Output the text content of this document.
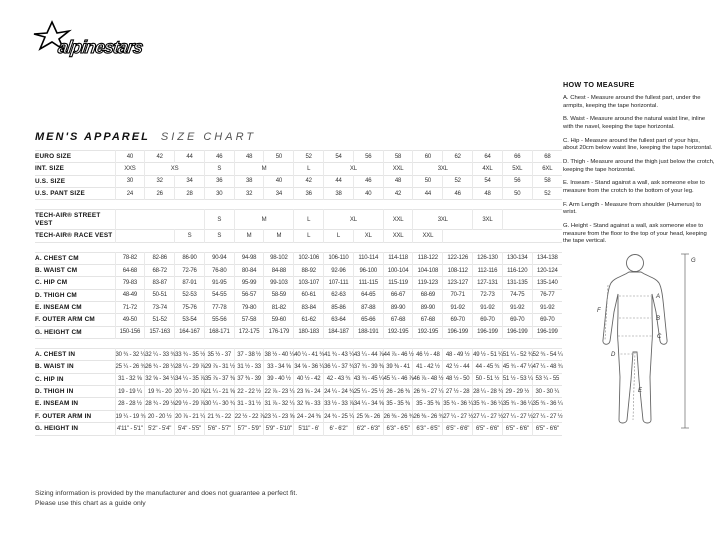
alpinestars
MEN'S APPAREL SIZE CHART
EURO SIZE	40	42	44	46	48	50	52	54	56	58	60	62	64	66	68
INT. SIZE	XXS	XS		S	M		L	XL		XXL	3XL		4XL	5XL	6XL
U.S. SIZE	30	32	34	36	38	40	42	44	46	48	50	52	54	56	58
U.S. PANT SIZE	24	26	28	30	32	34	36	38	40	42	44	46	48	50	52
TECH-AIR® STREET VEST			S	M		L	XL		XXL	3XL		3XL	
TECH-AIR® RACE VEST		S	S	M	M	L	L	XL	XXL	XXL			
A. CHEST CM	78-82	82-86	86-90	90-94	94-98	98-102	102-106	106-110	110-114	114-118	118-122	122-126	126-130	130-134	134-138
B. WAIST CM	64-68	68-72	72-76	76-80	80-84	84-88	88-92	92-96	96-100	100-104	104-108	108-112	112-116	116-120	120-124
C. HIP CM	79-83	83-87	87-91	91-95	95-99	99-103	103-107	107-111	111-115	115-119	119-123	123-127	127-131	131-135	135-140
D. THIGH CM	48-49	50-51	52-53	54-55	56-57	58-59	60-61	62-63	64-65	66-67	68-69	70-71	72-73	74-75	76-77
E. INSEAM CM	71-72	73-74	75-76	77-78	79-80	81-82	83-84	85-86	87-88	89-90	89-90	91-92	91-92	91-92	91-92
F. OUTER ARM CM	49-50	51-52	53-54	55-56	57-58	59-60	61-62	63-64	65-66	67-68	67-68	69-70	69-70	69-70	69-70
G. HEIGHT CM	150-156	157-163	164-167	168-171	172-175	176-179	180-183	184-187	188-191	192-195	192-195	196-199	196-199	196-199	196-199
A. CHEST IN	30 ¾ - 32 ¼	32 ¼ - 33 ¾	33 ¾ - 35 ½	35 ½ - 37	37 - 38 ½	38 ½ - 40 ¼	40 ¼ - 41 ¾	41 ¾ - 43 ¼	43 ¼ - 44 ⅞	44 ⅞ - 46 ½	46 ½ - 48	48 - 49 ½	49 ½ - 51 ¼	51 ¼ - 52 ¾	52 ¾ - 54 ¼
B. WAIST IN	25 ¼ - 26 ¾	26 ¾ - 28 ¼	28 ¼ - 29 ⅞	29 ⅞ - 31 ½	31 ½ - 33	33 - 34 ⅝	34 ⅝ - 36 ¼	36 ¼ - 37 ¾	37 ¾ - 39 ⅜	39 ⅜ - 41	41 - 42 ½	42 ½ - 44	44 - 45 ¾	45 ¾ - 47 ¼	47 ¼ - 48 ¾
C. HIP IN	31 - 32 ⅝	32 ⅝ - 34 ¼	34 ¼ - 35 ⅞	35 ⅞ - 37 ⅜	37 ⅜ - 39	39 - 40 ½	40 ½ - 42	42 - 43 ¾	43 ¾ - 45 ¼	45 ¼ - 46 ⅞	46 ⅞ - 48 ½	48 ½ - 50	50 - 51 ½	51 ½ - 53 ¼	53 ¼ - 55
D. THIGH IN	19 - 19 ¼	19 ¾ - 20	20 ½ - 20 ⅞	21 ¼ - 21 ⅝	22 - 22 ½	22 ⅞ - 23 ¼	23 ⅝ - 24	24 ¼ - 24 ¾	25 ¼ - 25 ½	26 - 26 ⅜	26 ¾ - 27 ¼	27 ½ - 28	28 ¼ - 28 ¾	29 - 29 ½	30 - 30 ¼
E. INSEAM IN	28 - 28 ½	28 ¾ - 29 ⅛	29 ½ - 29 ⅞	30 ¼ - 30 ¾	31 - 31 ½	31 ⅞ - 32 ¼	32 ⅝ - 33	33 ½ - 33 ⅞	34 ¼ - 34 ⅝	35 - 35 ⅜	35 - 35 ⅜	35 ¾ - 36 ¼	35 ¾ - 36 ¼	35 ¾ - 36 ¼	35 ¾ - 36 ¼
F. OUTER ARM IN	19 ¼ - 19 ¾	20 - 20 ½	20 ⅞ - 21 ¼	21 ¾ - 22	22 ½ - 22 ⅞	23 ¼ - 23 ⅝	24 - 24 ⅜	24 ¾ - 25 ¼	25 ⅝ - 26	26 ⅜ - 26 ¾	26 ⅜ - 26 ¾	27 ¼ - 27 ½	27 ¼ - 27 ½	27 ¼ - 27 ½	27 ¼ - 27 ½
G. HEIGHT IN	4'11" - 5'1"	5'2" - 5'4"	5'4" - 5'5"	5'6" - 5'7"	5'7" - 5'9"	5'9" - 5'10"	5'11" - 6'	6' - 6'2"	6'2" - 6'3"	6'3" - 6'5"	6'3" - 6'5"	6'5" - 6'6"	6'5" - 6'6"	6'5" - 6'6"	6'5" - 6'6"
HOW TO MEASURE

A. Chest - Measure around the fullest part, under the armpits, keeping the tape horizontal.

B. Waist - Measure around the natural waist line, inline with the navel, keeping the tape horizontal.

C. Hip - Measure around the fullest part of your hips, about 20cm below waist line, keeping the tape horizontal.

D. Thigh - Measure around the thigh just below the crotch, keeping the tape horizontal.

E. Inseam - Stand against a wall, ask someone else to measure from the crotch to the bottom of your leg.

F. Arm Length - Measure from shoulder (Humerus) to wrist.

G. Height - Stand against a wall, ask someone else to measure from the floor to the top of your head, keeping the tape vertical.

A
B
C
D
E
F
G
Sizing information is provided by the manufacturer and does not guarantee a perfect fit.
Please use this chart as a guide only
